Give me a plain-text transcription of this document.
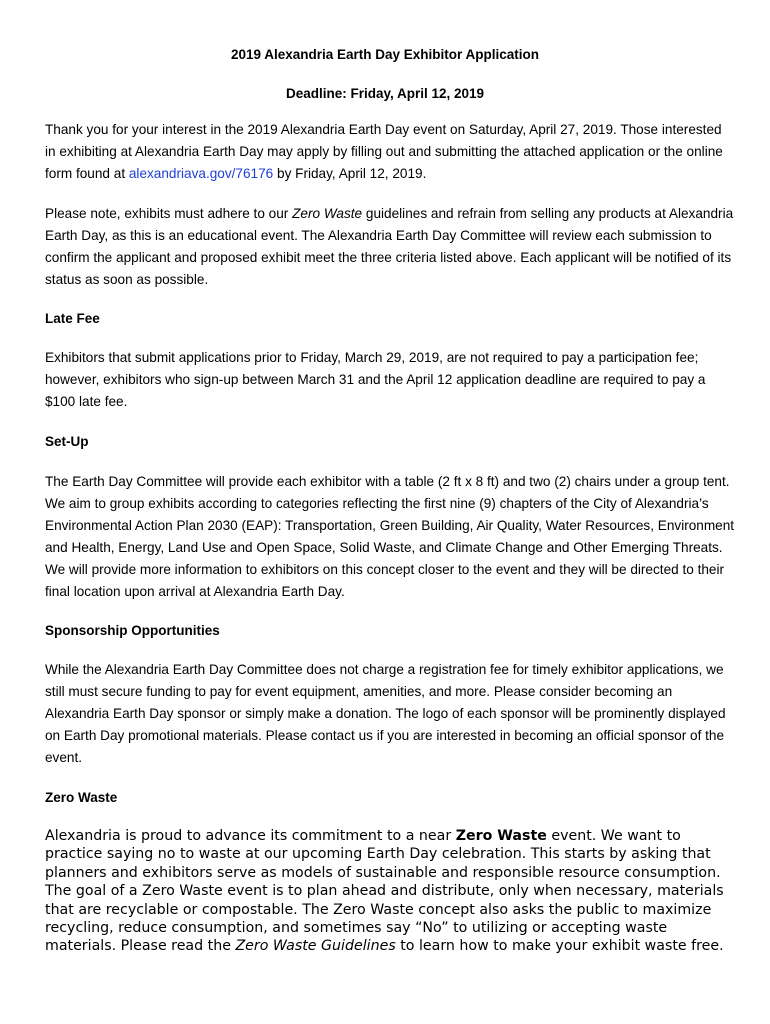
2019 Alexandria Earth Day Exhibitor Application
Deadline: Friday, April 12, 2019
Thank you for your interest in the 2019 Alexandria Earth Day event on Saturday, April 27, 2019. Those interested in exhibiting at Alexandria Earth Day may apply by filling out and submitting the attached application or the online form found at alexandriava.gov/76176 by Friday, April 12, 2019.
Please note, exhibits must adhere to our Zero Waste guidelines and refrain from selling any products at Alexandria Earth Day, as this is an educational event. The Alexandria Earth Day Committee will review each submission to confirm the applicant and proposed exhibit meet the three criteria listed above. Each applicant will be notified of its status as soon as possible.
Late Fee
Exhibitors that submit applications prior to Friday, March 29, 2019, are not required to pay a participation fee; however, exhibitors who sign-up between March 31 and the April 12 application deadline are required to pay a $100 late fee.
Set-Up
The Earth Day Committee will provide each exhibitor with a table (2 ft x 8 ft) and two (2) chairs under a group tent. We aim to group exhibits according to categories reflecting the first nine (9) chapters of the City of Alexandria’s Environmental Action Plan 2030 (EAP): Transportation, Green Building, Air Quality, Water Resources, Environment and Health, Energy, Land Use and Open Space, Solid Waste, and Climate Change and Other Emerging Threats. We will provide more information to exhibitors on this concept closer to the event and they will be directed to their final location upon arrival at Alexandria Earth Day.
Sponsorship Opportunities
While the Alexandria Earth Day Committee does not charge a registration fee for timely exhibitor applications, we still must secure funding to pay for event equipment, amenities, and more. Please consider becoming an Alexandria Earth Day sponsor or simply make a donation. The logo of each sponsor will be prominently displayed on Earth Day promotional materials. Please contact us if you are interested in becoming an official sponsor of the event.
Zero Waste
Alexandria is proud to advance its commitment to a near Zero Waste event. We want to practice saying no to waste at our upcoming Earth Day celebration. This starts by asking that planners and exhibitors serve as models of sustainable and responsible resource consumption. The goal of a Zero Waste event is to plan ahead and distribute, only when necessary, materials that are recyclable or compostable. The Zero Waste concept also asks the public to maximize recycling, reduce consumption, and sometimes say “No” to utilizing or accepting waste materials. Please read the Zero Waste Guidelines to learn how to make your exhibit waste free.
